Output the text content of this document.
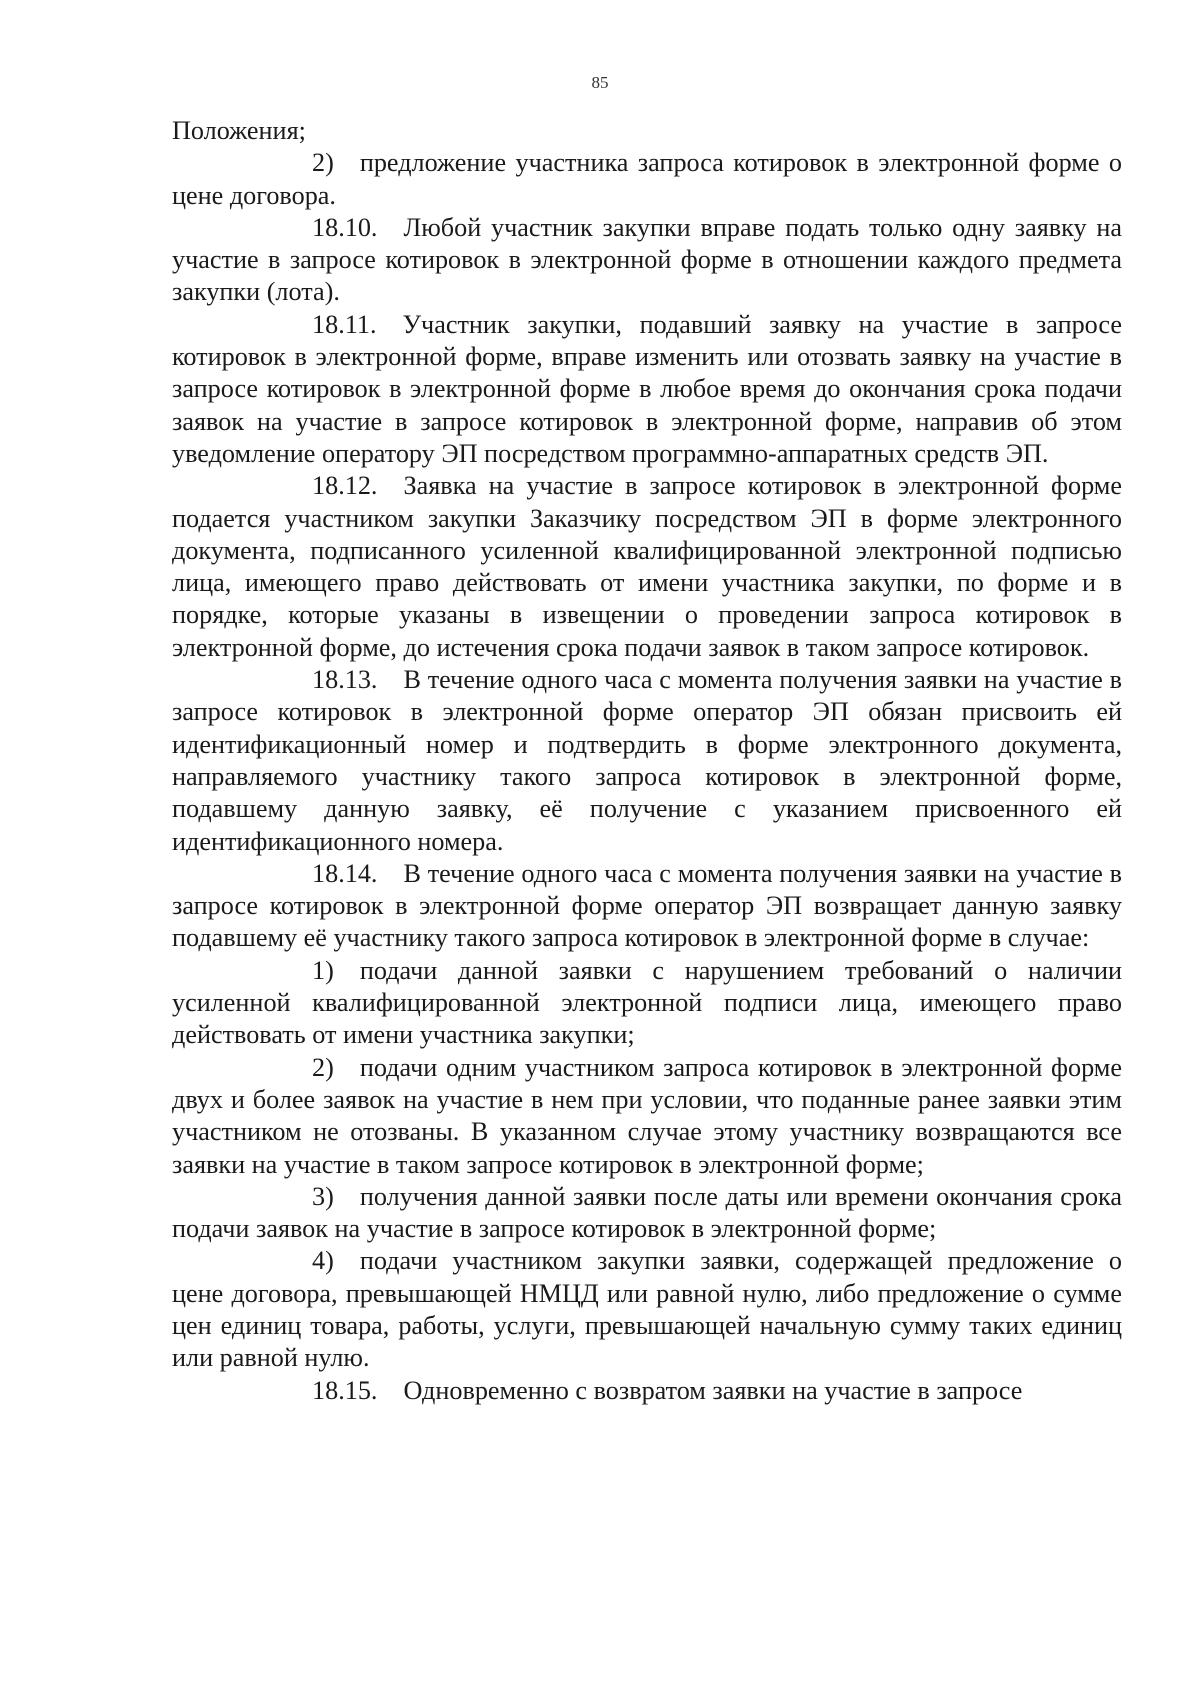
85

Положения;

2) предложение участника запроса котировок в электронной форме о цене договора.

18.10. Любой участник закупки вправе подать только одну заявку на участие в запросе котировок в электронной форме в отношении каждого предмета закупки (лота).

18.11. Участник закупки, подавший заявку на участие в запросе котировок в электронной форме, вправе изменить или отозвать заявку на участие в запросе котировок в электронной форме в любое время до окончания срока подачи заявок на участие в запросе котировок в электронной форме, направив об этом уведомление оператору ЭП посредством программно-аппаратных средств ЭП.

18.12. Заявка на участие в запросе котировок в электронной форме подается участником закупки Заказчику посредством ЭП в форме электронного документа, подписанного усиленной квалифицированной электронной подписью лица, имеющего право действовать от имени участника закупки, по форме и в порядке, которые указаны в извещении о проведении запроса котировок в электронной форме, до истечения срока подачи заявок в таком запросе котировок.

18.13. В течение одного часа с момента получения заявки на участие в запросе котировок в электронной форме оператор ЭП обязан присвоить ей идентификационный номер и подтвердить в форме электронного документа, направляемого участнику такого запроса котировок в электронной форме, подавшему данную заявку, её получение с указанием присвоенного ей идентификационного номера.

18.14. В течение одного часа с момента получения заявки на участие в запросе котировок в электронной форме оператор ЭП возвращает данную заявку подавшему её участнику такого запроса котировок в электронной форме в случае:

1) подачи данной заявки с нарушением требований о наличии усиленной квалифицированной электронной подписи лица, имеющего право действовать от имени участника закупки;

2) подачи одним участником запроса котировок в электронной форме двух и более заявок на участие в нем при условии, что поданные ранее заявки этим участником не отозваны. В указанном случае этому участнику возвращаются все заявки на участие в таком запросе котировок в электронной форме;

3) получения данной заявки после даты или времени окончания срока подачи заявок на участие в запросе котировок в электронной форме;

4) подачи участником закупки заявки, содержащей предложение о цене договора, превышающей НМЦД или равной нулю, либо предложение о сумме цен единиц товара, работы, услуги, превышающей начальную сумму таких единиц или равной нулю.

18.15. Одновременно с возвратом заявки на участие в запросе
